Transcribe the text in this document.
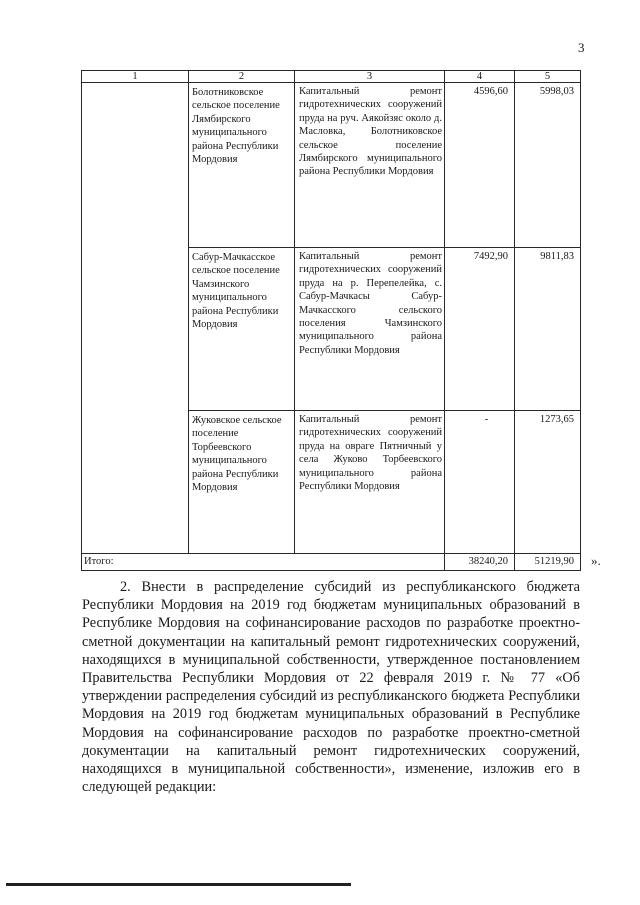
3
1	2	3	4	5
	Болотниковское сельское поселение Лямбирского муниципального района Республики Мордовия	Капитальный ремонт гидротехнических сооружений пруда на руч. Аякойзяс около д. Масловка, Болотниковское сельское поселение Лямбирского муниципального района Республики Мордовия	4596,60	5998,03
	Сабур-Мачкасское сельское поселение Чамзинского муниципального района Республики Мордовия	Капитальный ремонт гидротехнических сооружений пруда на р. Перепелейка, с. Сабур-Мачкасы Сабур-Мачкасского сельского поселения Чамзинского муниципального района Республики Мордовия	7492,90	9811,83
	Жуковское сельское поселение Торбеевского муниципального района Республики Мордовия	Капитальный ремонт гидротехнических сооружений пруда на овраге Пятничный у села Жуково Торбеевского муниципального района Республики Мордовия	-	1273,65
Итого:			38240,20	51219,90 ».

2. Внести в распределение субсидий из республиканского бюджета Республики Мордовия на 2019 год бюджетам муниципальных образований в Республике Мордовия на софинансирование расходов по разработке проектно-сметной документации на капитальный ремонт гидротехнических сооружений, находящихся в муниципальной собственности, утвержденное постановлением Правительства Республики Мордовия от 22 февраля 2019 г. № 77 «Об утверждении распределения субсидий из республиканского бюджета Республики Мордовия на 2019 год бюджетам муниципальных образований в Республике Мордовия на софинансирование расходов по разработке проектно-сметной документации на капитальный ремонт гидротехнических сооружений, находящихся в муниципальной собственности», изменение, изложив его в следующей редакции:
